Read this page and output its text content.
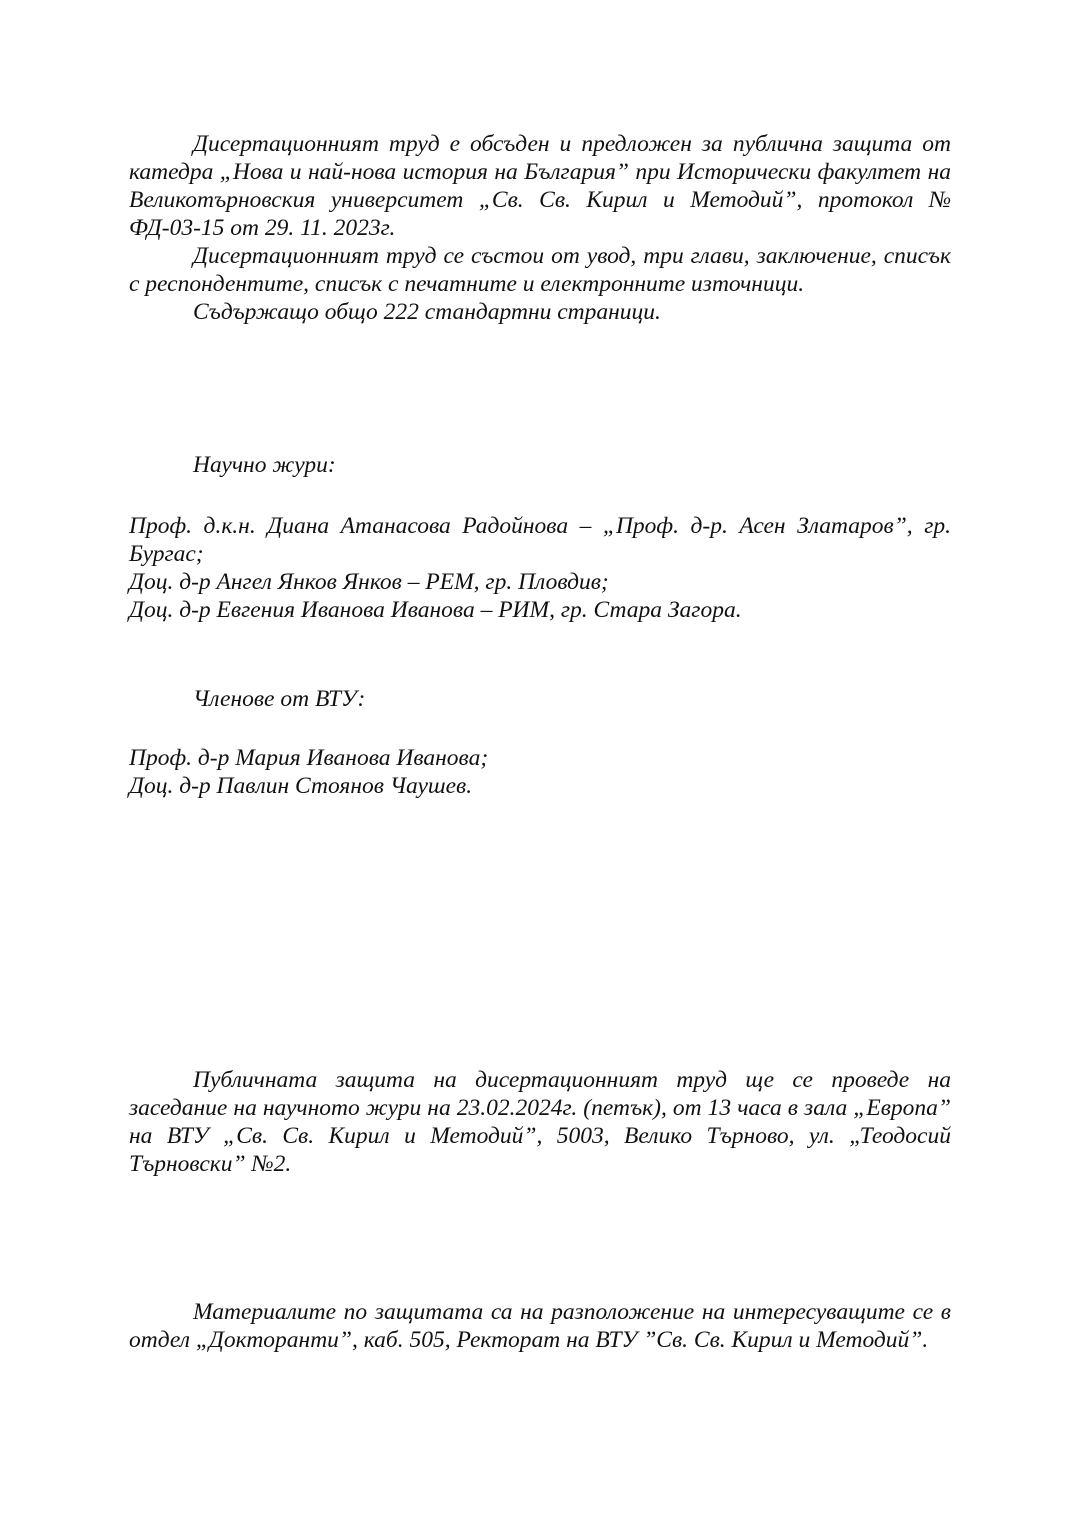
Дисертационният труд е обсъден и предложен за публична защита от катедра „Нова и най-нова история на България” при Исторически факултет на Великотърновския университет „Св. Св. Кирил и Методий”, протокол № ФД-03-15 от 29. 11. 2023г.

Дисертационният труд се състои от увод, три глави, заключение, списък с респондентите, списък с печатните и електронните източници.

Съдържащо общо 222 стандартни страници.

Научно жури:

Проф. д.к.н. Диана Атанасова Радойнова – „Проф. д-р. Асен Златаров”, гр. Бургас;

Доц. д-р Ангел Янков Янков – РЕМ, гр. Пловдив;

Доц. д-р Евгения Иванова Иванова – РИМ, гр. Стара Загора.

Членове от ВТУ:

Проф. д-р Мария Иванова Иванова;

Доц. д-р Павлин Стоянов Чаушев.

Публичната защита на дисертационният труд ще се проведе на заседание на научното жури на 23.02.2024г. (петък), от 13 часа в зала „Европа” на ВТУ „Св. Св. Кирил и Методий”, 5003, Велико Търново, ул. „Теодосий Търновски” №2.

Материалите по защитата са на разположение на интересуващите се в отдел „Докторанти”, каб. 505, Ректорат на ВТУ ”Св. Св. Кирил и Методий”.
